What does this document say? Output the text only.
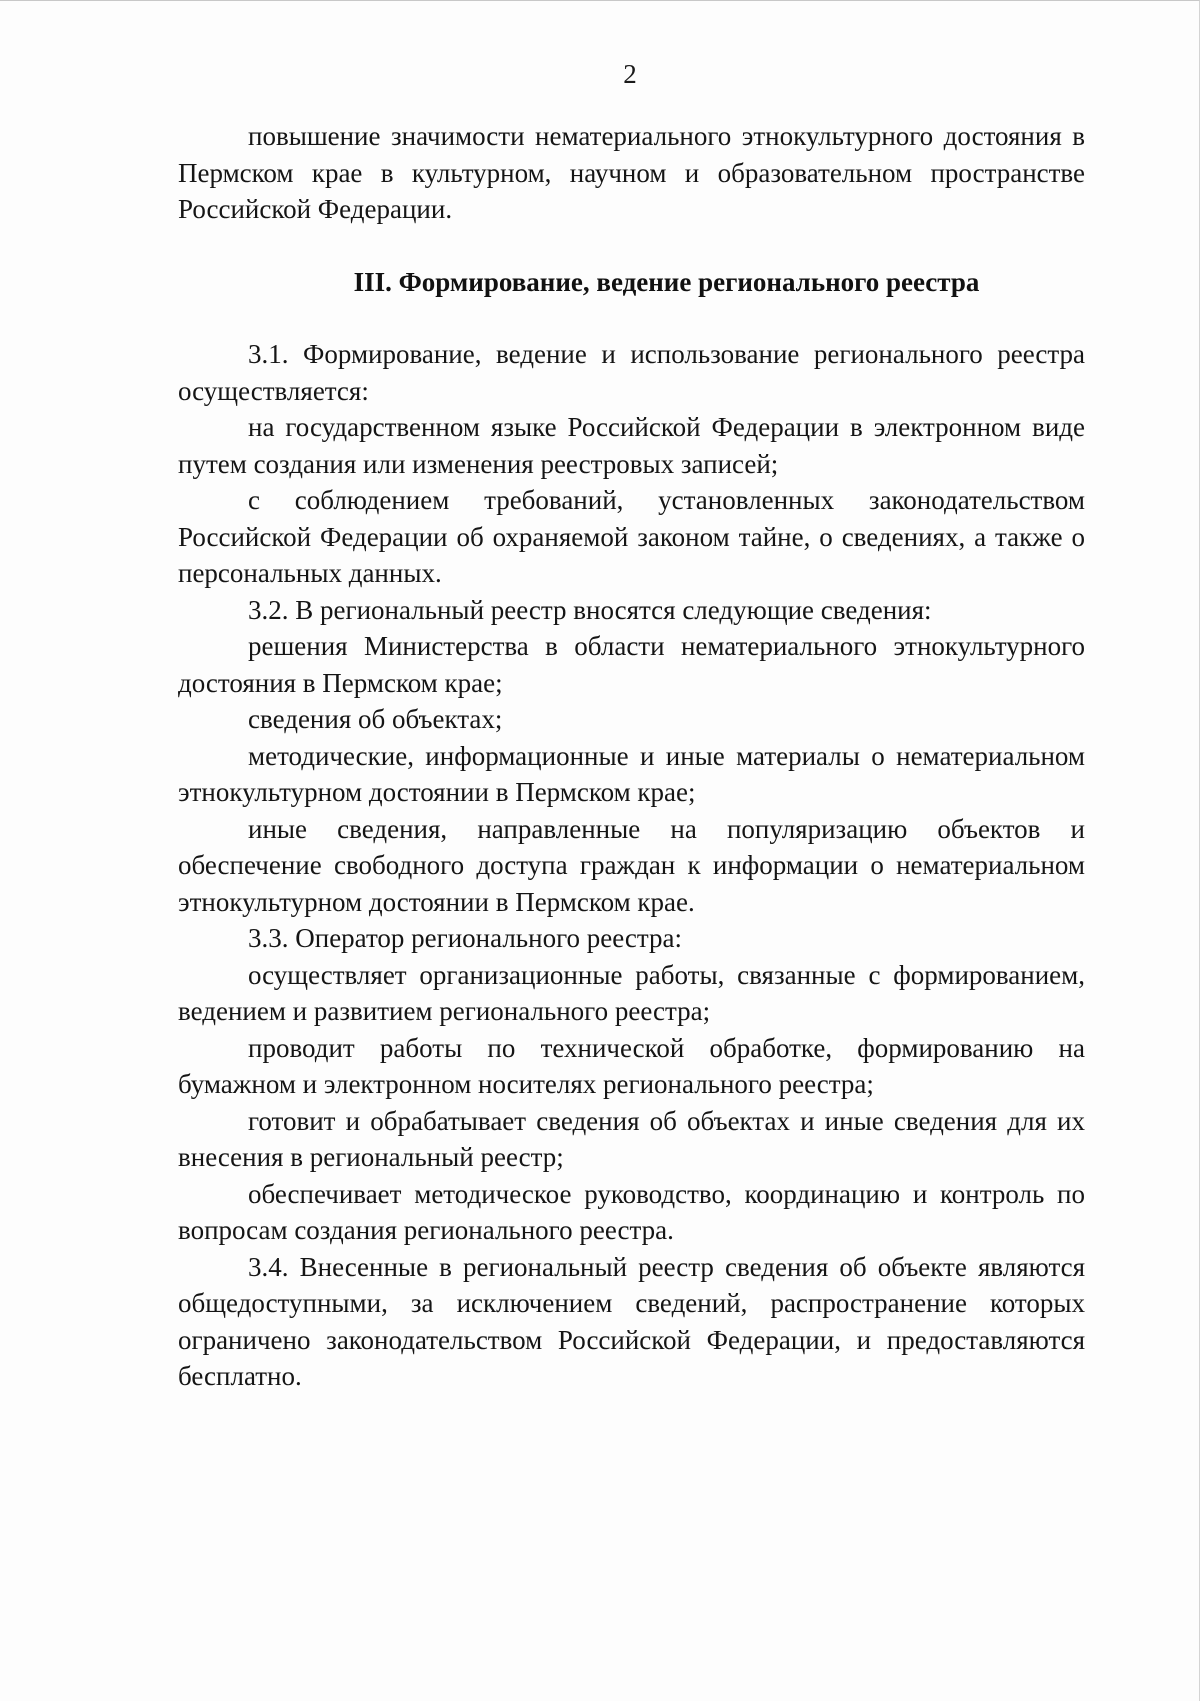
2

повышение значимости нематериального этнокультурного достояния в Пермском крае в культурном, научном и образовательном пространстве Российской Федерации.

III. Формирование, ведение регионального реестра

3.1. Формирование, ведение и использование регионального реестра осуществляется:

на государственном языке Российской Федерации в электронном виде путем создания или изменения реестровых записей;

с соблюдением требований, установленных законодательством Российской Федерации об охраняемой законом тайне, о сведениях, а также о персональных данных.

3.2. В региональный реестр вносятся следующие сведения:

решения Министерства в области нематериального этнокультурного достояния в Пермском крае;

сведения об объектах;

методические, информационные и иные материалы о нематериальном этнокультурном достоянии в Пермском крае;

иные сведения, направленные на популяризацию объектов и обеспечение свободного доступа граждан к информации о нематериальном этнокультурном достоянии в Пермском крае.

3.3. Оператор регионального реестра:

осуществляет организационные работы, связанные с формированием, ведением и развитием регионального реестра;

проводит работы по технической обработке, формированию на бумажном и электронном носителях регионального реестра;

готовит и обрабатывает сведения об объектах и иные сведения для их внесения в региональный реестр;

обеспечивает методическое руководство, координацию и контроль по вопросам создания регионального реестра.

3.4. Внесенные в региональный реестр сведения об объекте являются общедоступными, за исключением сведений, распространение которых ограничено законодательством Российской Федерации, и предоставляются бесплатно.
